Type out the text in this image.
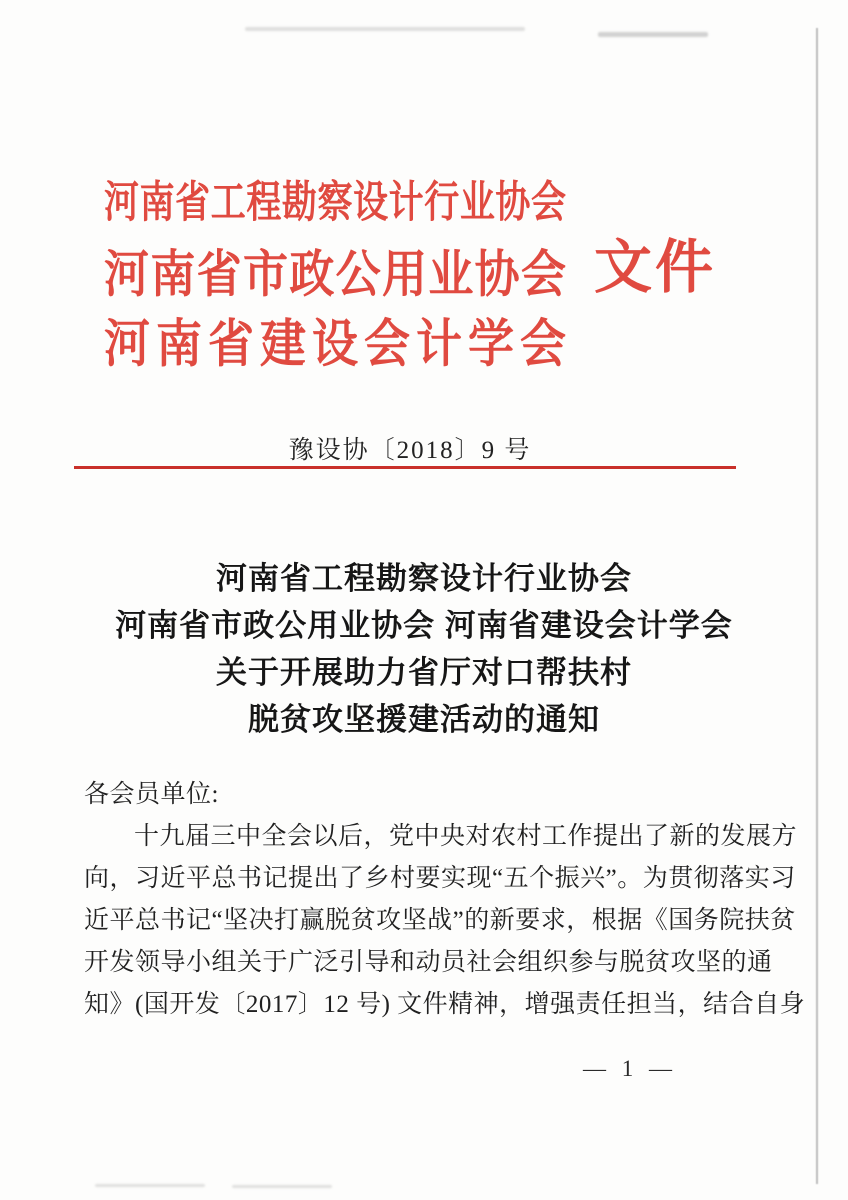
河南省工程勘察设计行业协会
河南省市政公用业协会
河南省建设会计学会
文件
豫设协〔2018〕9 号
河南省工程勘察设计行业协会
河南省市政公用业协会 河南省建设会计学会
关于开展助力省厅对口帮扶村
脱贫攻坚援建活动的通知
各会员单位:
十九届三中全会以后，党中央对农村工作提出了新的发展方
向，习近平总书记提出了乡村要实现“五个振兴”。为贯彻落实习
近平总书记“坚决打赢脱贫攻坚战”的新要求，根据《国务院扶贫
开发领导小组关于广泛引导和动员社会组织参与脱贫攻坚的通
知》(国开发〔2017〕12 号) 文件精神，增强责任担当，结合自身
— 1 —
